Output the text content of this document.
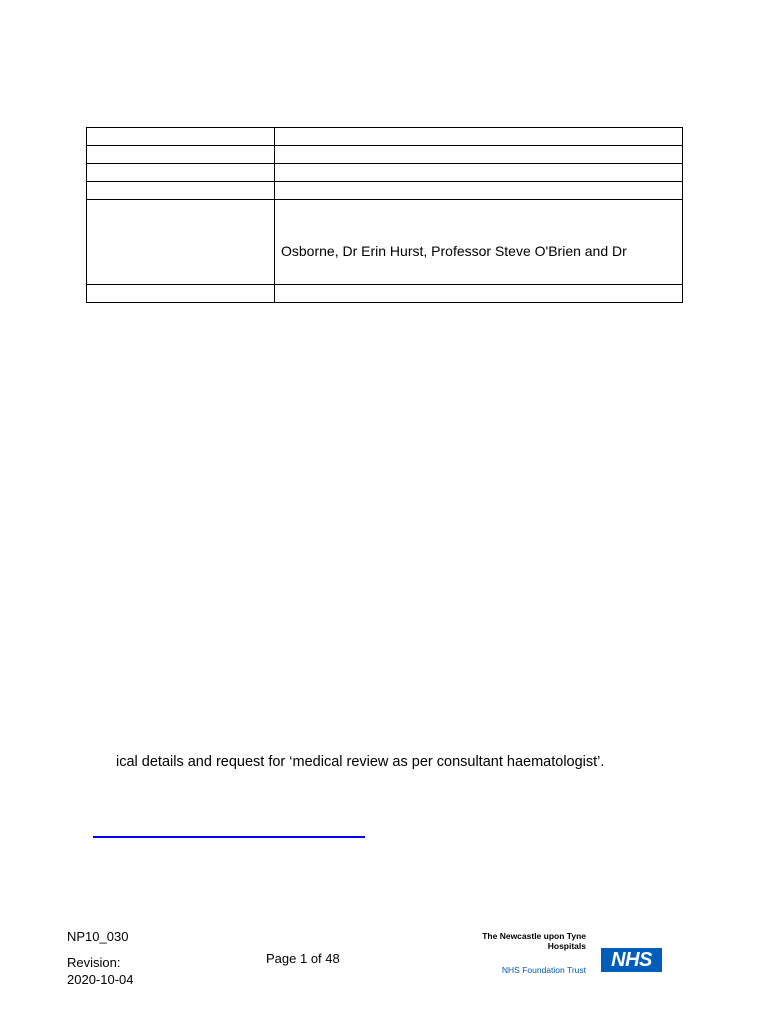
	Osborne, Dr Erin Hurst, Professor Steve O'Brien and Dr

ical details and request for ‘medical review as per consultant haematologist’.
NP10_030
Revision:
2020-10-04
Page 1 of 48
The Newcastle upon Tyne
Hospitals
NHS Foundation Trust	NHS
